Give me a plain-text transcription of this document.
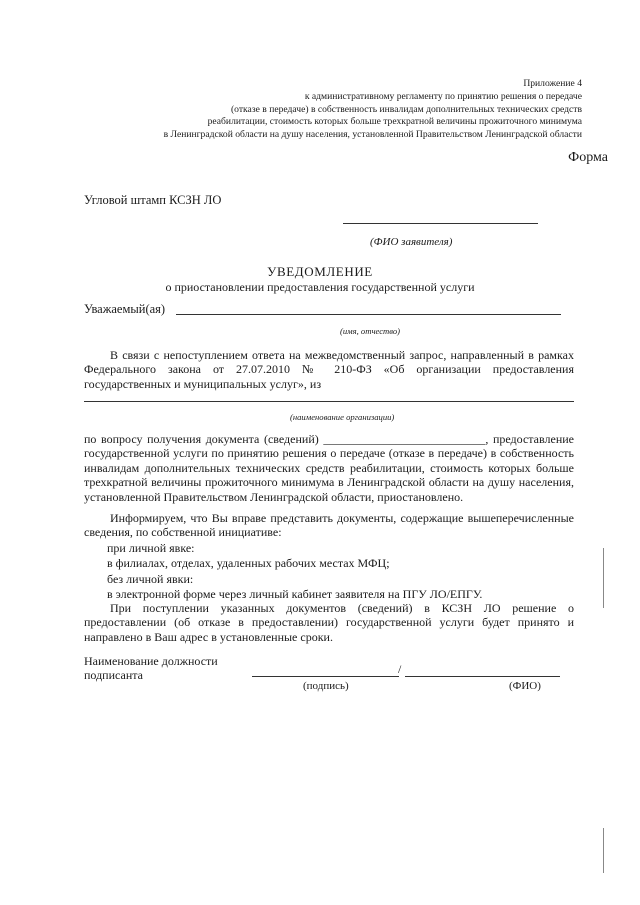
Приложение 4
к административному регламенту по принятию решения о передаче
(отказе в передаче) в собственность инвалидам дополнительных технических средств
реабилитации, стоимость которых больше трехкратной величины прожиточного минимума
в Ленинградской области на душу населения, установленной Правительством Ленинградской области
Форма
Угловой штамп КСЗН ЛО
(ФИО заявителя)
УВЕДОМЛЕНИЕ
о приостановлении предоставления государственной услуги
Уважаемый(ая)
(имя, отчество)
В связи с непоступлением ответа на межведомственный запрос, направленный в рамках Федерального закона от 27.07.2010 № 210-ФЗ «Об организации предоставления государственных и муниципальных услуг», из
(наименование организации)
по вопросу получения документа (сведений) ___________________________, предоставление государственной услуги по принятию решения о передаче (отказе в передаче) в собственность инвалидам дополнительных технических средств реабилитации, стоимость которых больше трехкратной величины прожиточного минимума в Ленинградской области на душу населения, установленной Правительством Ленинградской области, приостановлено.
Информируем, что Вы вправе представить документы, содержащие вышеперечисленные сведения, по собственной инициативе:
при личной явке:
в филиалах, отделах, удаленных рабочих местах МФЦ;
без личной явки:
в электронной форме через личный кабинет заявителя на ПГУ ЛО/ЕПГУ.
При поступлении указанных документов (сведений) в КСЗН ЛО решение о предоставлении (об отказе в предоставлении) государственной услуги будет принято и направлено в Ваш адрес в установленные сроки.
Наименование должности
подписанта	/
(подпись)	(ФИО)
